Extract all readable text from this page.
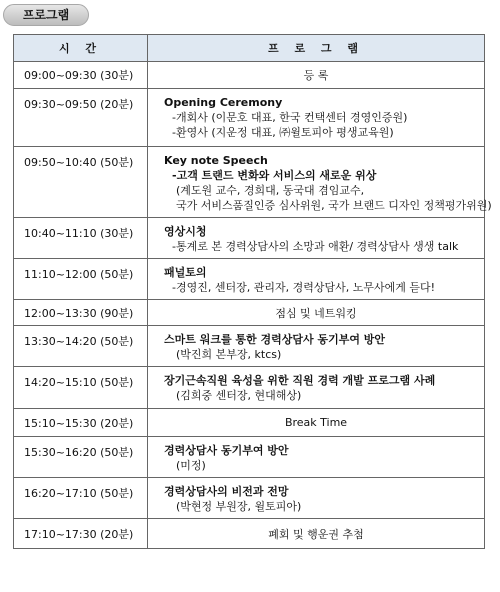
프로그램
시 간	프 로 그 램
09:00~09:30 (30분)	등 록
09:30~09:50 (20분)	Opening Ceremony
-개회사 (이문호 대표, 한국 컨택센터 경영인증원)
-환영사 (지운정 대표, ㈜윌토피아 평생교육원)

09:50~10:40 (50분)	Key note Speech
-고객 트랜드 변화와 서비스의 새로운 위상
(계도원 교수, 경희대, 동국대 겸임교수,
국가 서비스품질인증 심사위원, 국가 브랜드 디자인 정책평가위원)

10:40~11:10 (30분)	영상시청
-통계로 본 경력상담사의 소망과 애환/ 경력상담사 생생 talk

11:10~12:00 (50분)	패널토의
-경영진, 센터장, 관리자, 경력상담사, 노무사에게 듣다!

12:00~13:30 (90분)	점심 및 네트워킹
13:30~14:20 (50분)	스마트 워크를 통한 경력상담사 동기부여 방안
(박진희 본부장, ktcs)

14:20~15:10 (50분)	장기근속직원 육성을 위한 직원 경력 개발 프로그램 사례
(김희중 센터장, 현대해상)

15:10~15:30 (20분)	Break Time
15:30~16:20 (50분)	경력상담사 동기부여 방안
(미정)

16:20~17:10 (50분)	경력상담사의 비전과 전망
(박현정 부원장, 윌토피아)

17:10~17:30 (20분)	폐회 및 행운권 추첨
